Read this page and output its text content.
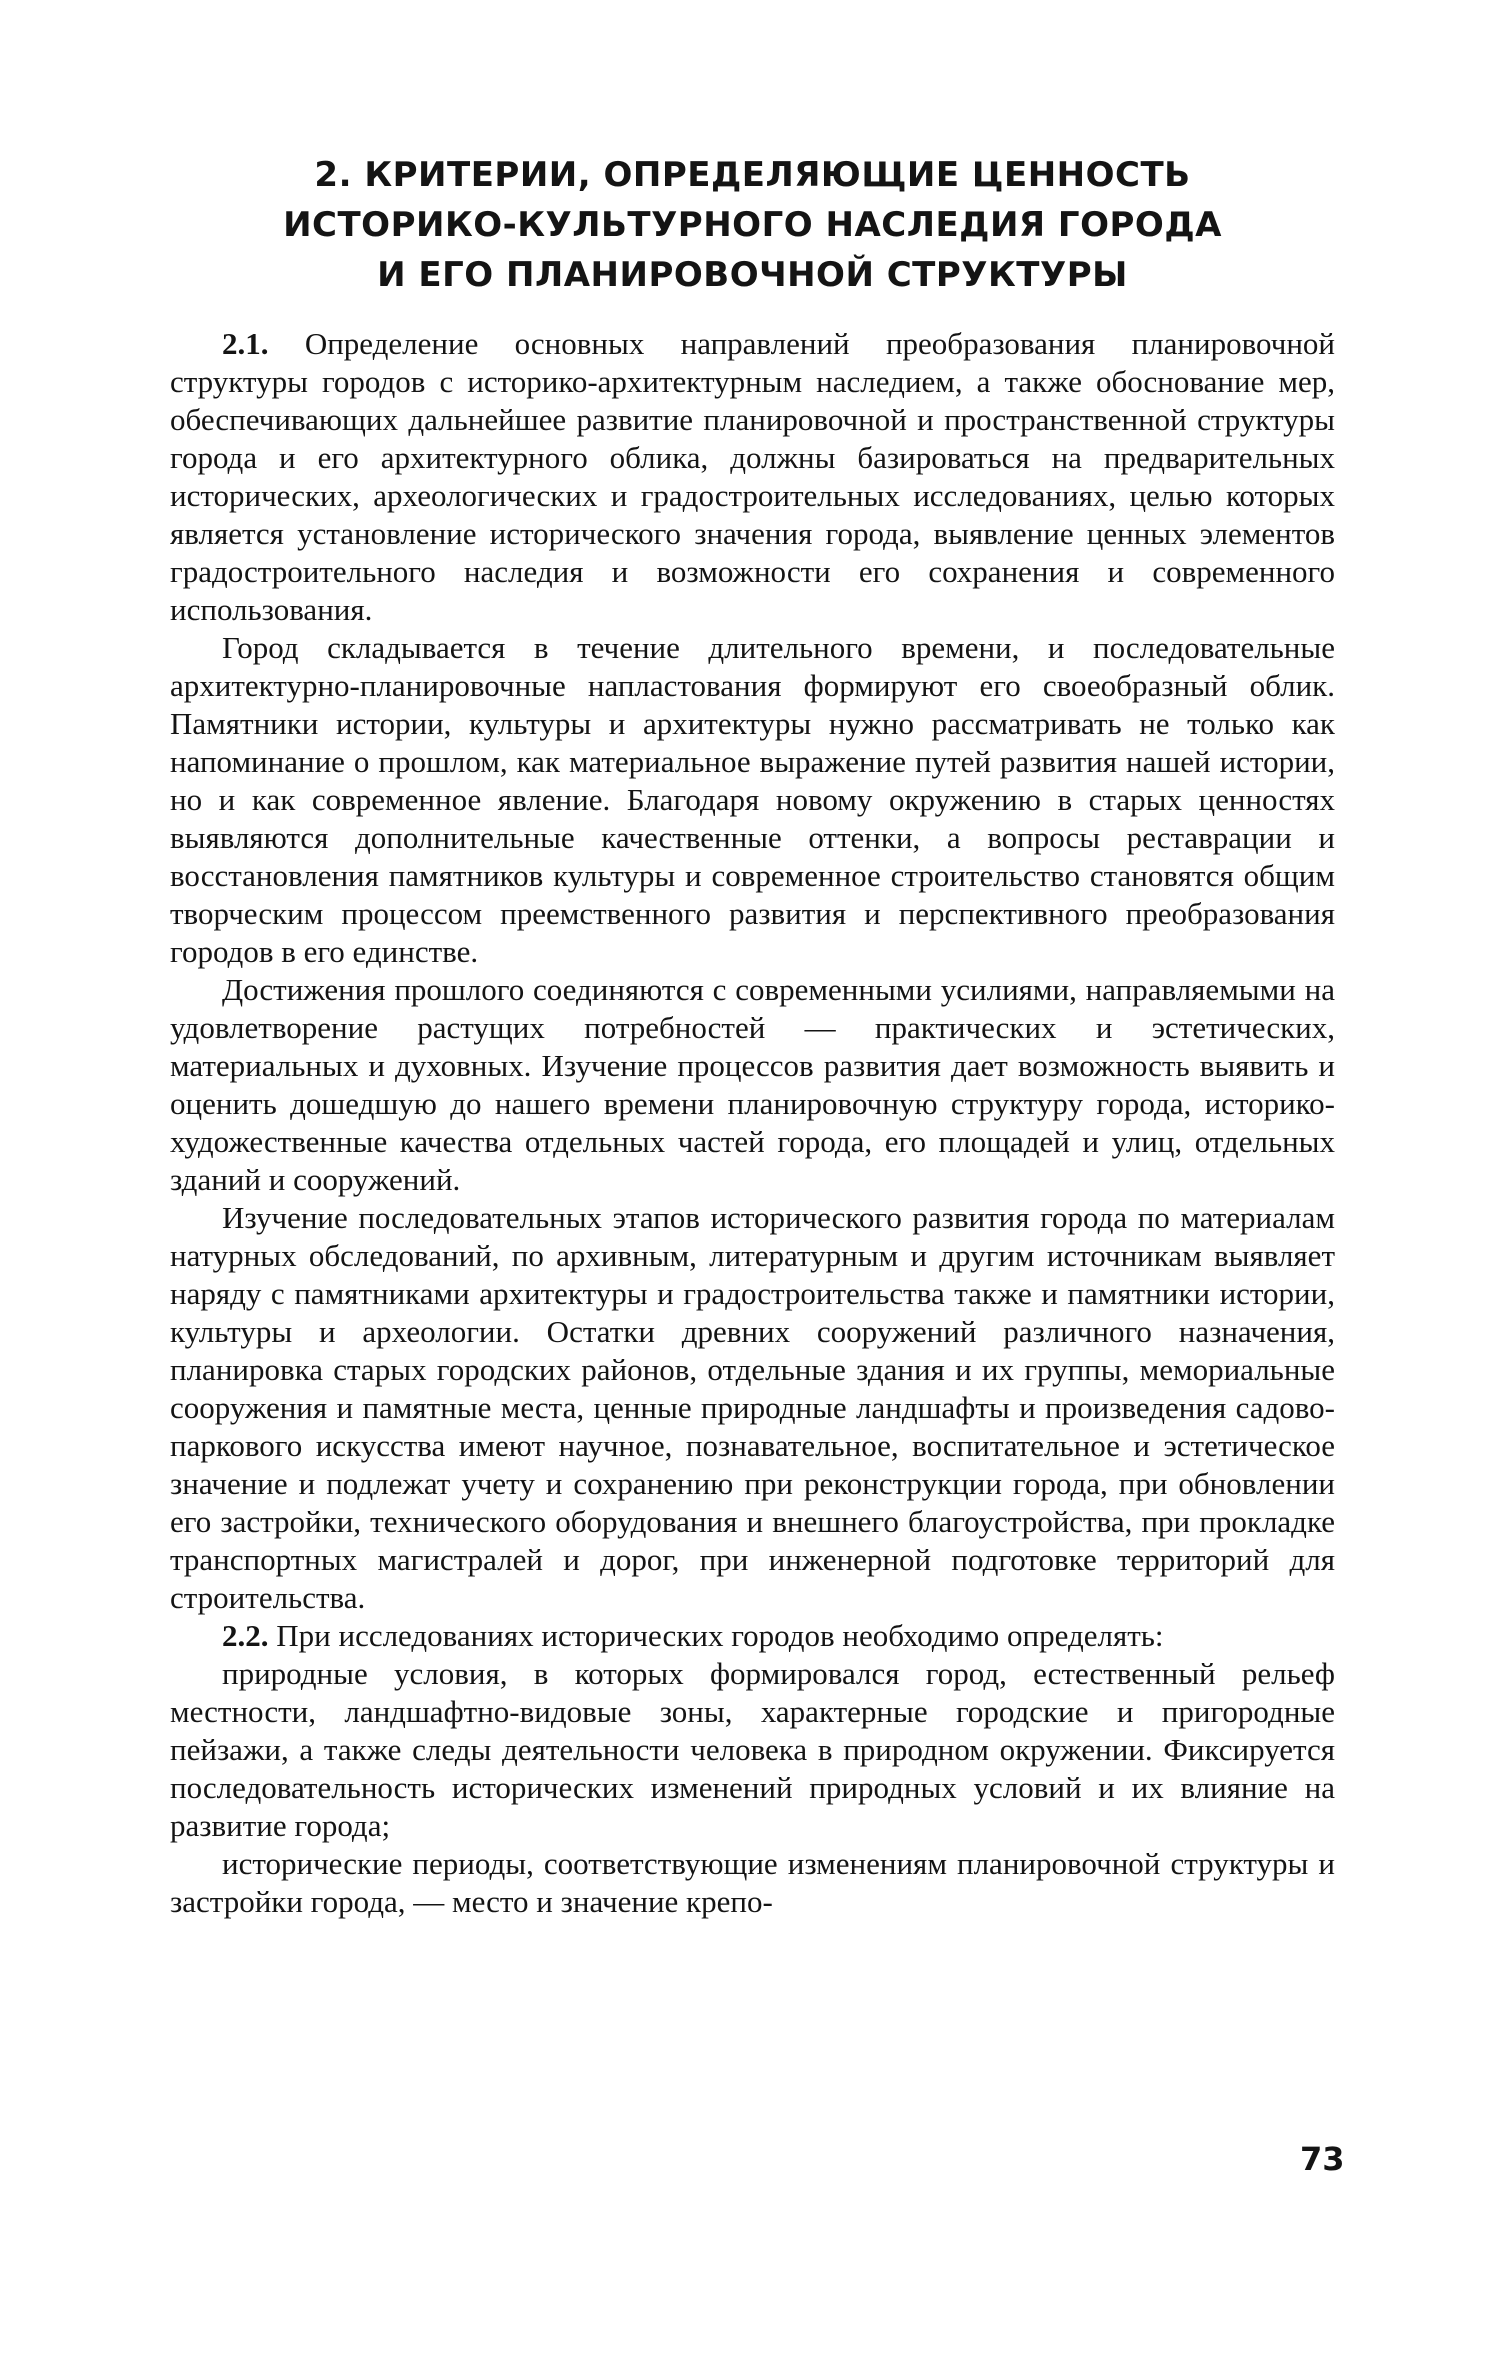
2. КРИТЕРИИ, ОПРЕДЕЛЯЮЩИЕ ЦЕННОСТЬ
ИСТОРИКО-КУЛЬТУРНОГО НАСЛЕДИЯ ГОРОДА
И ЕГО ПЛАНИРОВОЧНОЙ СТРУКТУРЫ

2.1. Определение основных направлений преобразования планировочной структуры городов с историко-архитектурным наследием, а также обоснование мер, обеспечивающих дальнейшее развитие планировочной и пространственной структуры города и его архитектурного облика, должны базироваться на предварительных исторических, археологических и градостроительных исследованиях, целью которых является установление исторического значения города, выявление ценных элементов градостроительного наследия и возможности его сохранения и современного использования.

Город складывается в течение длительного времени, и последовательные архитектурно-планировочные напластования формируют его своеобразный облик. Памятники истории, культуры и архитектуры нужно рассматривать не только как напоминание о прошлом, как материальное выражение путей развития нашей истории, но и как современное явление. Благодаря новому окружению в старых ценностях выявляются дополнительные качественные оттенки, а вопросы реставрации и восстановления памятников культуры и современное строительство становятся общим творческим процессом преемственного развития и перспективного преобразования городов в его единстве.

Достижения прошлого соединяются с современными усилиями, направляемыми на удовлетворение растущих потребностей — практических и эстетических, материальных и духовных. Изучение процессов развития дает возможность выявить и оценить дошедшую до нашего времени планировочную структуру города, историко-художественные качества отдельных частей города, его площадей и улиц, отдельных зданий и сооружений.

Изучение последовательных этапов исторического развития города по материалам натурных обследований, по архивным, литературным и другим источникам выявляет наряду с памятниками архитектуры и градостроительства также и памятники истории, культуры и археологии. Остатки древних сооружений различного назначения, планировка старых городских районов, отдельные здания и их группы, мемориальные сооружения и памятные места, ценные природные ландшафты и произведения садово-паркового искусства имеют научное, познавательное, воспитательное и эстетическое значение и подлежат учету и сохранению при реконструкции города, при обновлении его застройки, технического оборудования и внешнего благоустройства, при прокладке транспортных магистралей и дорог, при инженерной подготовке территорий для строительства.

2.2. При исследованиях исторических городов необходимо определять:

природные условия, в которых формировался город, естественный рельеф местности, ландшафтно-видовые зоны, характерные городские и пригородные пейзажи, а также следы деятельности человека в природном окружении. Фиксируется последовательность исторических изменений природных условий и их влияние на развитие города;

исторические периоды, соответствующие изменениям планировочной структуры и застройки города, — место и значение крепо-

73
